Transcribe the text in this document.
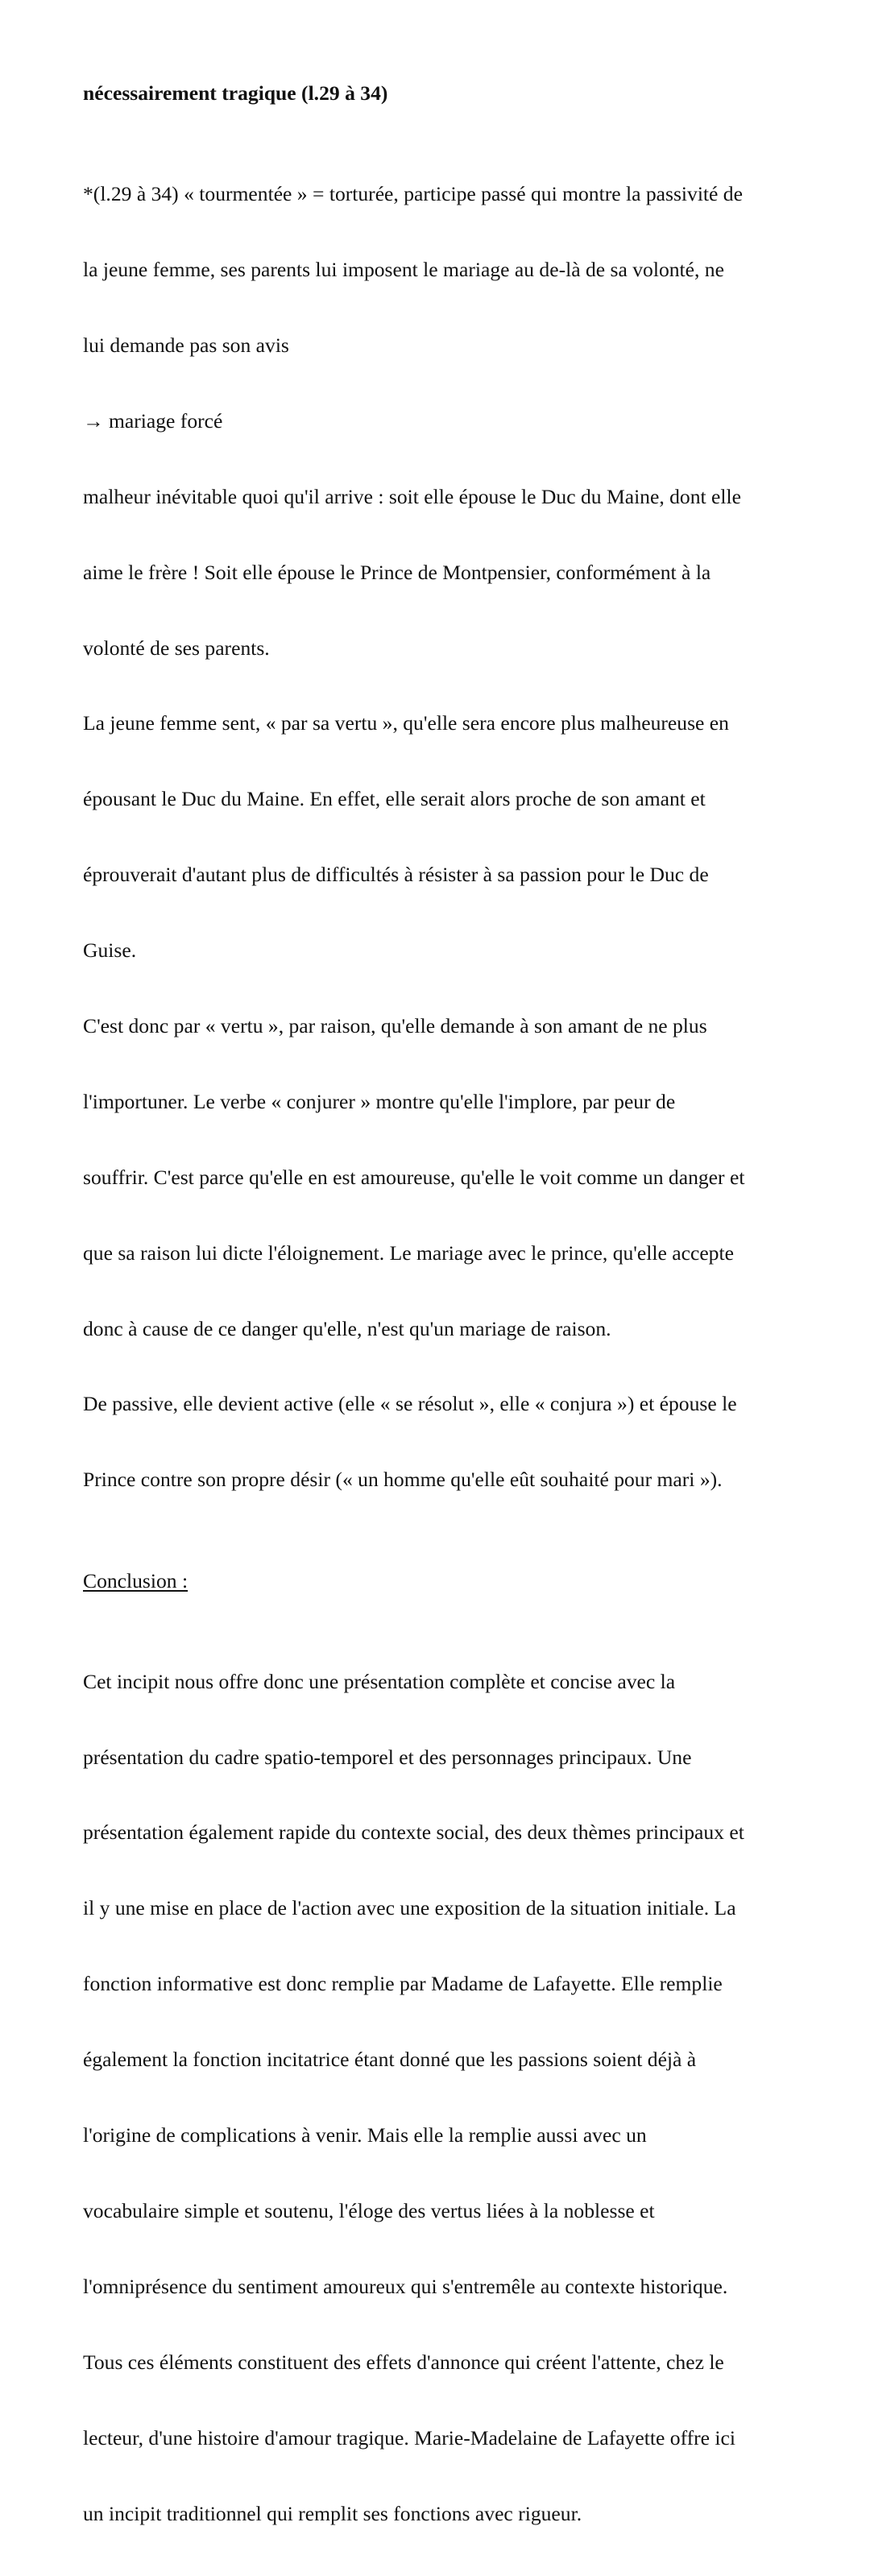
nécessairement tragique (l.29 à 34)

*(l.29 à 34) « tourmentée » = torturée, participe passé qui montre la passivité de

la jeune femme, ses parents lui imposent le mariage au de-là de sa volonté, ne

lui demande pas son avis

→ mariage forcé

malheur inévitable quoi qu'il arrive : soit elle épouse le Duc du Maine, dont elle

aime le frère ! Soit elle épouse le Prince de Montpensier, conformément à la

volonté de ses parents.

La jeune femme sent, « par sa vertu », qu'elle sera encore plus malheureuse en

épousant le Duc du Maine. En effet, elle serait alors proche de son amant et

éprouverait d'autant plus de difficultés à résister à sa passion pour le Duc de

Guise.

C'est donc par « vertu », par raison, qu'elle demande à son amant de ne plus

l'importuner. Le verbe « conjurer » montre qu'elle l'implore, par peur de

souffrir. C'est parce qu'elle en est amoureuse, qu'elle le voit comme un danger et

que sa raison lui dicte l'éloignement. Le mariage avec le prince, qu'elle accepte

donc à cause de ce danger qu'elle, n'est qu'un mariage de raison.

De passive, elle devient active (elle « se résolut », elle « conjura ») et épouse le

Prince contre son propre désir (« un homme qu'elle eût souhaité pour mari »).

Conclusion :

Cet incipit nous offre donc une présentation complète et concise avec la

présentation du cadre spatio-temporel et des personnages principaux. Une

présentation également rapide du contexte social, des deux thèmes principaux et

il y une mise en place de l'action avec une exposition de la situation initiale. La

fonction informative est donc remplie par Madame de Lafayette. Elle remplie

également la fonction incitatrice étant donné que les passions soient déjà à

l'origine de complications à venir. Mais elle la remplie aussi avec un

vocabulaire simple et soutenu, l'éloge des vertus liées à la noblesse et

l'omniprésence du sentiment amoureux qui s'entremêle au contexte historique.

Tous ces éléments constituent des effets d'annonce qui créent l'attente, chez le

lecteur, d'une histoire d'amour tragique. Marie-Madelaine de Lafayette offre ici

un incipit traditionnel qui remplit ses fonctions avec rigueur.
